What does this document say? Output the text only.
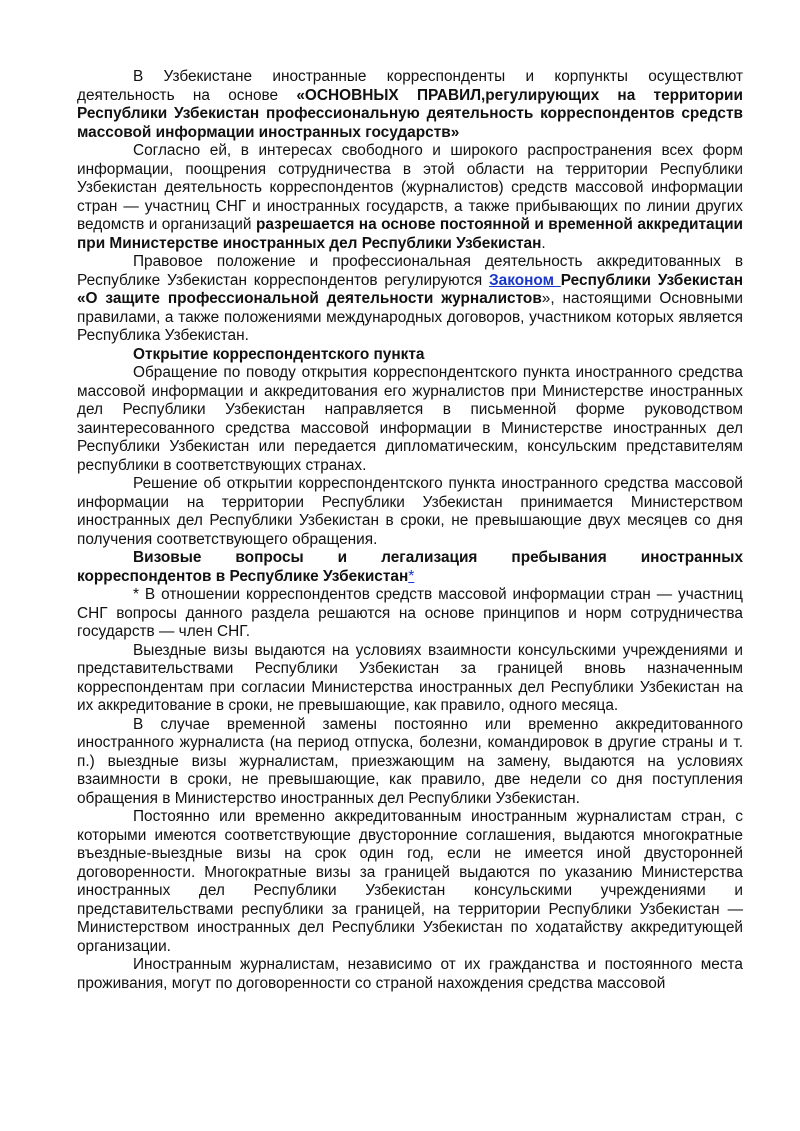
В Узбекистане иностранные корреспонденты и корпункты осуществлют деятельность на основе «ОСНОВНЫХ ПРАВИЛ,регулирующих на территории Республики Узбекистан профессиональную деятельность корреспондентов средств массовой информации иностранных государств»

Согласно ей, в интересах свободного и широкого распространения всех форм информации, поощрения сотрудничества в этой области на территории Республики Узбекистан деятельность корреспондентов (журналистов) средств массовой информации стран — участниц СНГ и иностранных государств, а также прибывающих по линии других ведомств и организаций разрешается на основе постоянной и временной аккредитации при Министерстве иностранных дел Республики Узбекистан.

Правовое положение и профессиональная деятельность аккредитованных в Республике Узбекистан корреспондентов регулируются Законом Республики Узбекистан «О защите профессиональной деятельности журналистов», настоящими Основными правилами, а также положениями международных договоров, участником которых является Республика Узбекистан.

Открытие корреспондентского пункта

Обращение по поводу открытия корреспондентского пункта иностранного средства массовой информации и аккредитования его журналистов при Министерстве иностранных дел Республики Узбекистан направляется в письменной форме руководством заинтересованного средства массовой информации в Министерстве иностранных дел Республики Узбекистан или передается дипломатическим, консульским представителям республики в соответствующих странах.

Решение об открытии корреспондентского пункта иностранного средства массовой информации на территории Республики Узбекистан принимается Министерством иностранных дел Республики Узбекистан в сроки, не превышающие двух месяцев со дня получения соответствующего обращения.

Визовые вопросы и легализация пребывания иностранных

корреспондентов в Республике Узбекистан*

* В отношении корреспондентов средств массовой информации стран — участниц СНГ вопросы данного раздела решаются на основе принципов и норм сотрудничества государств — член СНГ.

Выездные визы выдаются на условиях взаимности консульскими учреждениями и представительствами Республики Узбекистан за границей вновь назначенным корреспондентам при согласии Министерства иностранных дел Республики Узбекистан на их аккредитование в сроки, не превышающие, как правило, одного месяца.

В случае временной замены постоянно или временно аккредитованного иностранного журналиста (на период отпуска, болезни, командировок в другие страны и т. п.) выездные визы журналистам, приезжающим на замену, выдаются на условиях взаимности в сроки, не превышающие, как правило, две недели со дня поступления обращения в Министерство иностранных дел Республики Узбекистан.

Постоянно или временно аккредитованным иностранным журналистам стран, с которыми имеются соответствующие двусторонние соглашения, выдаются многократные въездные-выездные визы на срок один год, если не имеется иной двусторонней договоренности. Многократные визы за границей выдаются по указанию Министерства иностранных дел Республики Узбекистан консульскими учреждениями и представительствами республики за границей, на территории Республики Узбекистан — Министерством иностранных дел Республики Узбекистан по ходатайству аккредитующей организации.

Иностранным журналистам, независимо от их гражданства и постоянного места проживания, могут по договоренности со страной нахождения средства массовой
